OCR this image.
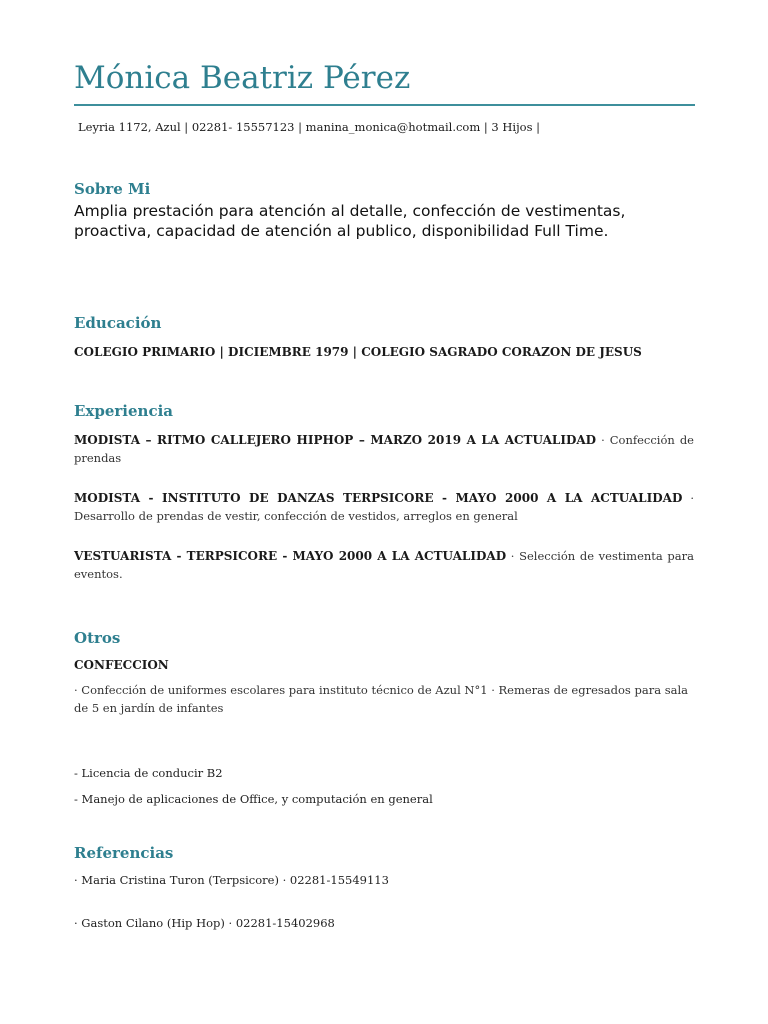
Mónica Beatriz Pérez
Leyria 1172, Azul | 02281- 15557123 | manina_monica@hotmail.com | 3 Hijos |
Sobre Mi
Amplia prestación para atención al detalle, confección de vestimentas,
proactiva, capacidad de atención al publico, disponibilidad Full Time.
Educación
COLEGIO PRIMARIO | DICIEMBRE 1979 | COLEGIO SAGRADO CORAZON DE JESUS
Experiencia
MODISTA – RITMO CALLEJERO HIPHOP – MARZO 2019 A LA ACTUALIDAD · Confección de prendas
MODISTA - INSTITUTO DE DANZAS TERPSICORE - MAYO 2000 A LA ACTUALIDAD · Desarrollo de prendas de vestir, confección de vestidos, arreglos en general
VESTUARISTA - TERPSICORE - MAYO 2000 A LA ACTUALIDAD · Selección de vestimenta para eventos.
Otros
CONFECCION
· Confección de uniformes escolares para instituto técnico de Azul N°1 · Remeras de egresados para sala de 5 en jardín de infantes
- Licencia de conducir B2
- Manejo de aplicaciones de Office, y computación en general
Referencias
· Maria Cristina Turon (Terpsicore) · 02281-15549113
· Gaston Cilano (Hip Hop) · 02281-15402968
